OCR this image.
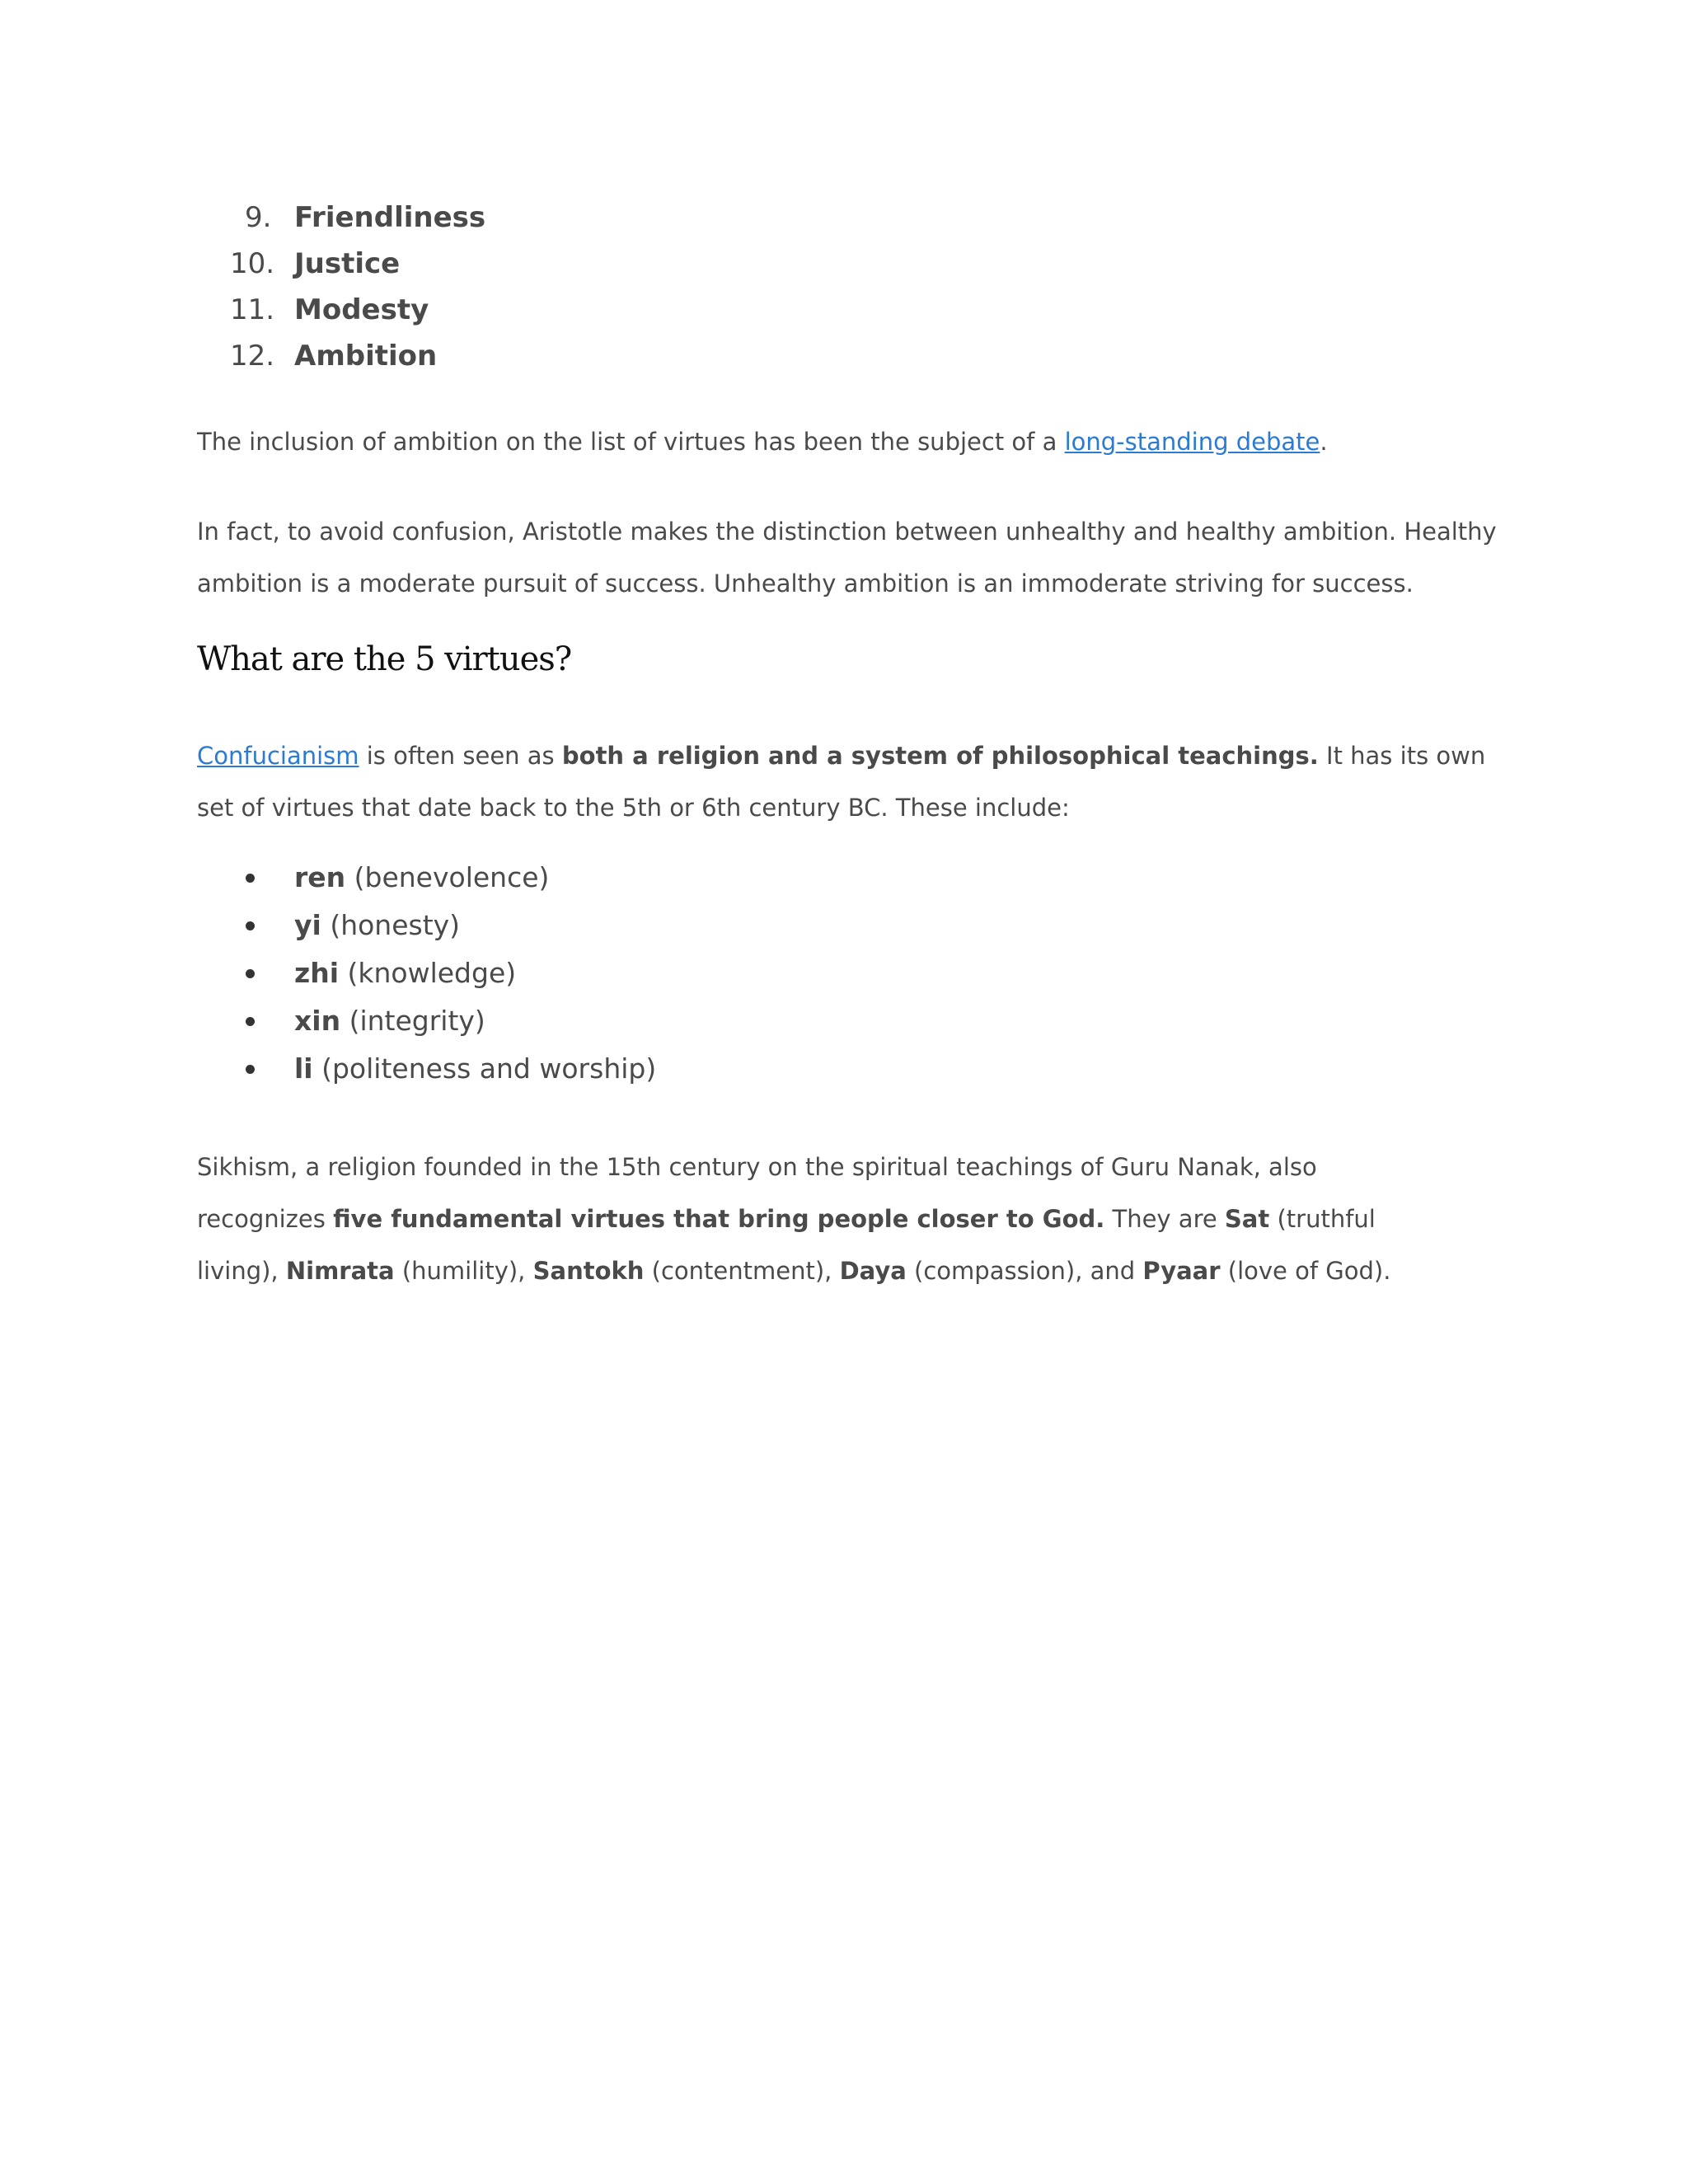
9. Friendliness
10. Justice
11. Modesty
12. Ambition

The inclusion of ambition on the list of virtues has been the subject of a long-standing debate.

In fact, to avoid confusion, Aristotle makes the distinction between unhealthy and healthy ambition. Healthy
ambition is a moderate pursuit of success. Unhealthy ambition is an immoderate striving for success.

What are the 5 virtues?

Confucianism is often seen as both a religion and a system of philosophical teachings. It has its own
set of virtues that date back to the 5th or 6th century BC. These include:

ren (benevolence)
yi (honesty)
zhi (knowledge)
xin (integrity)
li (politeness and worship)

Sikhism, a religion founded in the 15th century on the spiritual teachings of Guru Nanak, also
recognizes five fundamental virtues that bring people closer to God. They are Sat (truthful
living), Nimrata (humility), Santokh (contentment), Daya (compassion), and Pyaar (love of God).
